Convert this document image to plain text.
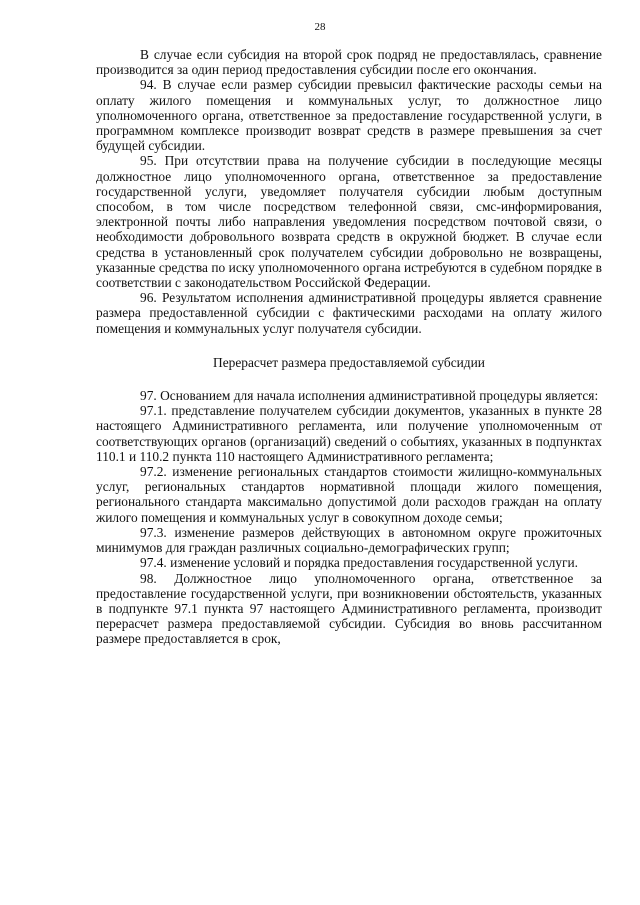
28

В случае если субсидия на второй срок подряд не предоставлялась, сравнение производится за один период предоставления субсидии после его окончания.

94. В случае если размер субсидии превысил фактические расходы семьи на оплату жилого помещения и коммунальных услуг, то должностное лицо уполномоченного органа, ответственное за предоставление государственной услуги, в программном комплексе производит возврат средств в размере превышения за счет будущей субсидии.

95. При отсутствии права на получение субсидии в последующие месяцы должностное лицо уполномоченного органа, ответственное за предоставление государственной услуги, уведомляет получателя субсидии любым доступным способом, в том числе посредством телефонной связи, смс-информирования, электронной почты либо направления уведомления посредством почтовой связи, о необходимости добровольного возврата средств в окружной бюджет. В случае если средства в установленный срок получателем субсидии добровольно не возвращены, указанные средства по иску уполномоченного органа истребуются в судебном порядке в соответствии с законодательством Российской Федерации.

96. Результатом исполнения административной процедуры является сравнение размера предоставленной субсидии с фактическими расходами на оплату жилого помещения и коммунальных услуг получателя субсидии.

Перерасчет размера предоставляемой субсидии

97. Основанием для начала исполнения административной процедуры является:

97.1. представление получателем субсидии документов, указанных в пункте 28 настоящего Административного регламента, или получение уполномоченным от соответствующих органов (организаций) сведений о событиях, указанных в подпунктах 110.1 и 110.2 пункта 110 настоящего Административного регламента;

97.2. изменение региональных стандартов стоимости жилищно-коммунальных услуг, региональных стандартов нормативной площади жилого помещения, регионального стандарта максимально допустимой доли расходов граждан на оплату жилого помещения и коммунальных услуг в совокупном доходе семьи;

97.3. изменение размеров действующих в автономном округе прожиточных минимумов для граждан различных социально-демографических групп;

97.4. изменение условий и порядка предоставления государственной услуги.

98. Должностное лицо уполномоченного органа, ответственное за предоставление государственной услуги, при возникновении обстоятельств, указанных в подпункте 97.1 пункта 97 настоящего Административного регламента, производит перерасчет размера предоставляемой субсидии. Субсидия во вновь рассчитанном размере предоставляется в срок,
